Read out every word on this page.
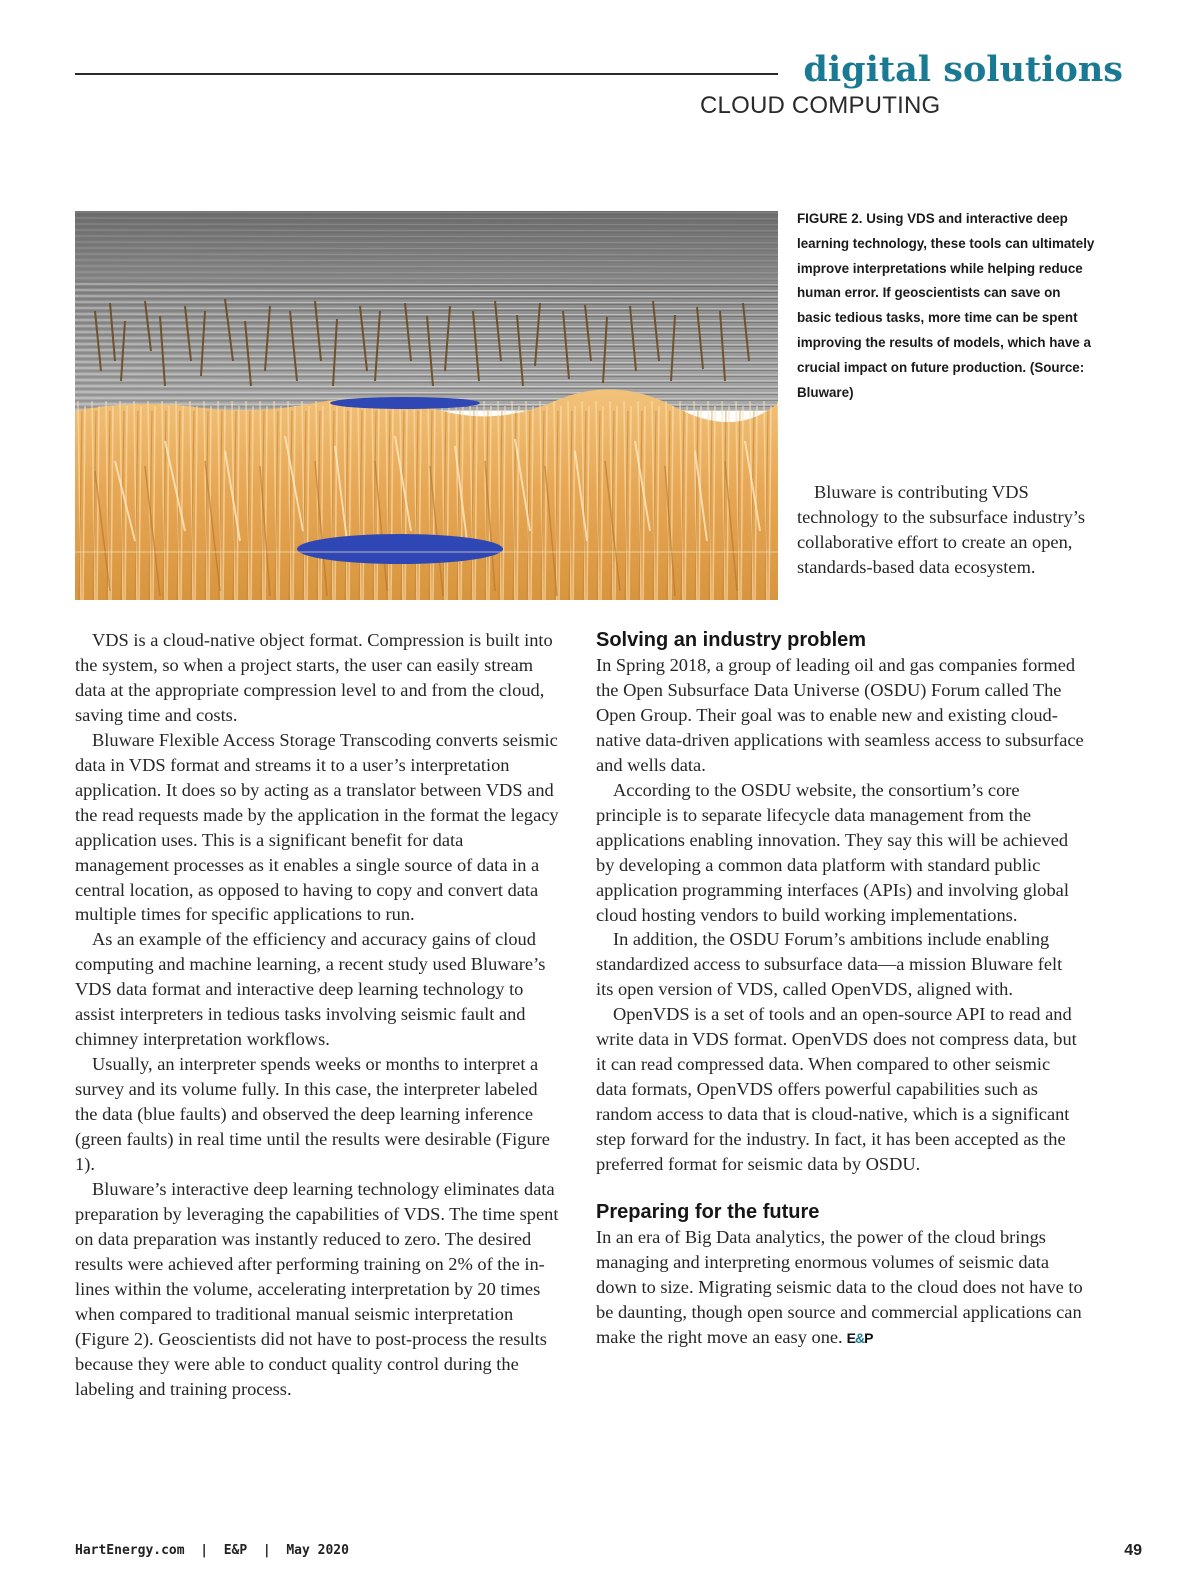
digital solutions
CLOUD COMPUTING

FIGURE 2. Using VDS and interactive deep learning technology, these tools can ultimately improve interpretations while helping reduce human error. If geoscientists can save on basic tedious tasks, more time can be spent improving the results of models, which have a crucial impact on future production. (Source: Bluware)

Bluware is contributing VDS technology to the subsurface industry’s collaborative effort to create an open, standards-based data ecosystem.

VDS is a cloud-native object format. Compression is built into the system, so when a project starts, the user can easily stream data at the appropriate compression level to and from the cloud, saving time and costs.

Bluware Flexible Access Storage Transcoding converts seismic data in VDS format and streams it to a user’s interpretation application. It does so by acting as a translator between VDS and the read requests made by the application in the format the legacy application uses. This is a significant benefit for data management processes as it enables a single source of data in a central location, as opposed to having to copy and convert data multiple times for specific applications to run.

As an example of the efficiency and accuracy gains of cloud computing and machine learning, a recent study used Bluware’s VDS data format and interactive deep learning technology to assist interpreters in tedious tasks involving seismic fault and chimney interpretation workflows.

Usually, an interpreter spends weeks or months to interpret a survey and its volume fully. In this case, the interpreter labeled the data (blue faults) and observed the deep learning inference (green faults) in real time until the results were desirable (Figure 1).

Bluware’s interactive deep learning technology eliminates data preparation by leveraging the capabilities of VDS. The time spent on data preparation was instantly reduced to zero. The desired results were achieved after performing training on 2% of the in-lines within the volume, accelerating interpretation by 20 times when compared to traditional manual seismic interpretation (Figure 2). Geoscientists did not have to post-process the results because they were able to conduct quality control during the labeling and training process.

Solving an industry problem

In Spring 2018, a group of leading oil and gas companies formed the Open Subsurface Data Universe (OSDU) Forum called The Open Group. Their goal was to enable new and existing cloud-native data-driven applications with seamless access to subsurface and wells data.

According to the OSDU website, the consortium’s core principle is to separate lifecycle data management from the applications enabling innovation. They say this will be achieved by developing a common data platform with standard public application programming interfaces (APIs) and involving global cloud hosting vendors to build working implementations.

In addition, the OSDU Forum’s ambitions include enabling standardized access to subsurface data—a mission Bluware felt its open version of VDS, called OpenVDS, aligned with.

OpenVDS is a set of tools and an open-source API to read and write data in VDS format. OpenVDS does not compress data, but it can read compressed data. When compared to other seismic data formats, OpenVDS offers powerful capabilities such as random access to data that is cloud-native, which is a significant step forward for the industry. In fact, it has been accepted as the preferred format for seismic data by OSDU.

Preparing for the future

In an era of Big Data analytics, the power of the cloud brings managing and interpreting enormous volumes of seismic data down to size. Migrating seismic data to the cloud does not have to be daunting, though open source and commercial applications can make the right move an easy one. E&P

HartEnergy.com  |  E&P  |  May 2020	49
